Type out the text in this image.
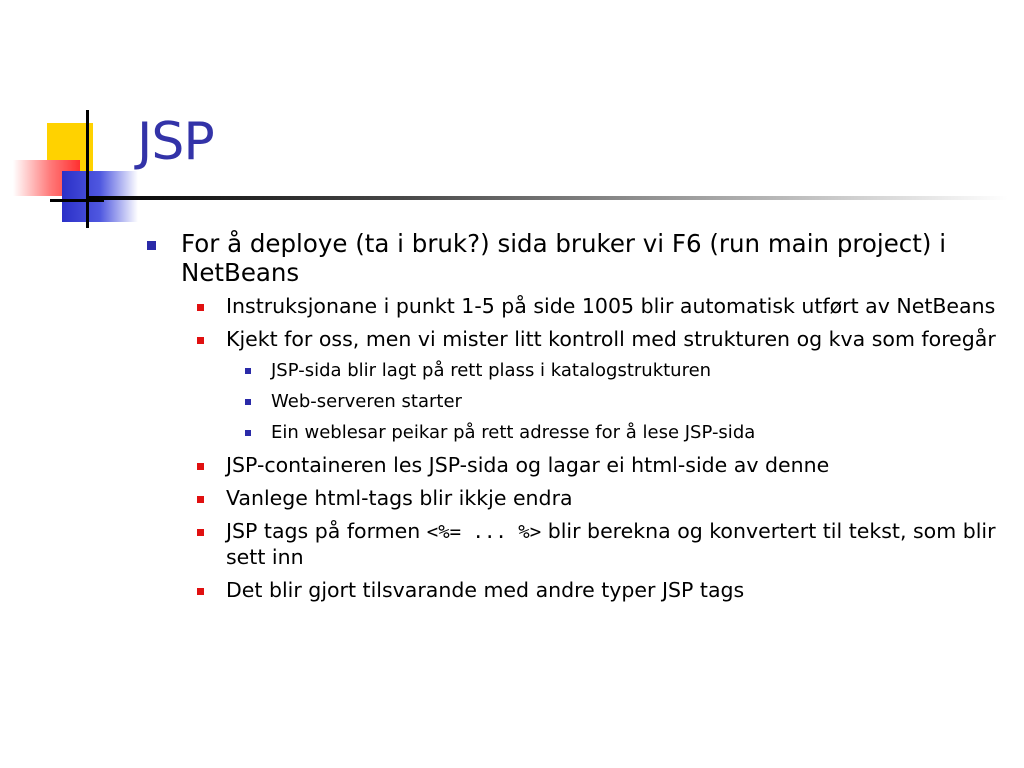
JSP
For å deploye (ta i bruk?) sida bruker vi F6 (run main project) i NetBeans
Instruksjonane i punkt 1-5 på side 1005 blir automatisk utført av NetBeans
Kjekt for oss, men vi mister litt kontroll med strukturen og kva som foregår
JSP-sida blir lagt på rett plass i katalogstrukturen
Web-serveren starter
Ein weblesar peikar på rett adresse for å lese JSP-sida
JSP-containeren les JSP-sida og lagar ei html-side av denne
Vanlege html-tags blir ikkje endra
JSP tags på formen <%= ... %> blir berekna og konvertert til tekst, som blir sett inn
Det blir gjort tilsvarande med andre typer JSP tags
